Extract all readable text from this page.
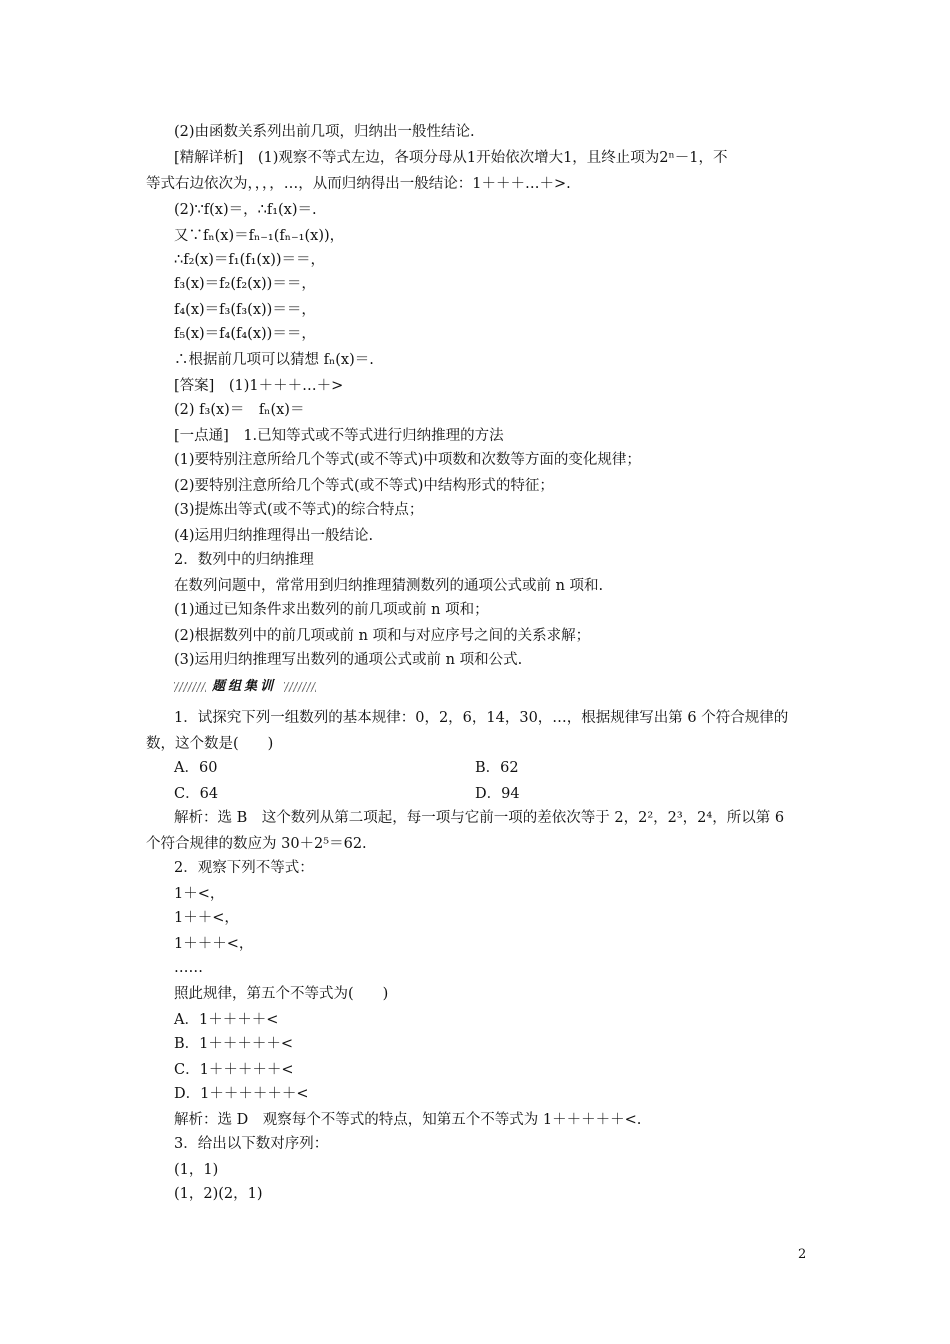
(2)由函数关系列出前几项，归纳出一般性结论.
[精解详析]　(1)观察不等式左边，各项分母从1开始依次增大1，且终止项为2ⁿ－1，不
等式右边依次为，，，，…，从而归纳得出一般结论：1＋＋＋…＋>.
(2)∵f(x)＝，∴f₁(x)＝.
又∵fₙ(x)＝fₙ₋₁(fₙ₋₁(x))，
∴f₂(x)＝f₁(f₁(x))＝＝，
f₃(x)＝f₂(f₂(x))＝＝，
f₄(x)＝f₃(f₃(x))＝＝，
f₅(x)＝f₄(f₄(x))＝＝，
∴根据前几项可以猜想 fₙ(x)＝.
[答案]　(1)1＋＋＋…＋>
(2) f₃(x)＝　fₙ(x)＝
[一点通]　1.已知等式或不等式进行归纳推理的方法
(1)要特别注意所给几个等式(或不等式)中项数和次数等方面的变化规律；
(2)要特别注意所给几个等式(或不等式)中结构形式的特征；
(3)提炼出等式(或不等式)的综合特点；
(4)运用归纳推理得出一般结论.
2．数列中的归纳推理
在数列问题中，常常用到归纳推理猜测数列的通项公式或前 n 项和.
(1)通过已知条件求出数列的前几项或前 n 项和；
(2)根据数列中的前几项或前 n 项和与对应序号之间的关系求解；
(3)运用归纳推理写出数列的通项公式或前 n 项和公式.
题组集训
1．试探究下列一组数列的基本规律：0，2，6，14，30，…，根据规律写出第 6 个符合规律的
数，这个数是(　　)
A．60	B．62
C．64	D．94
解析：选 B　这个数列从第二项起，每一项与它前一项的差依次等于 2，2²，2³，2⁴，所以第 6
个符合规律的数应为 30＋2⁵＝62.
2．观察下列不等式：
1＋<，
1＋＋<，
1＋＋＋<，
……
照此规律，第五个不等式为(　　)
A．1＋＋＋＋<
B．1＋＋＋＋＋<
C．1＋＋＋＋＋<
D．1＋＋＋＋＋＋<
解析：选 D　观察每个不等式的特点，知第五个不等式为 1＋＋＋＋＋<.
3．给出以下数对序列：
(1，1)
(1，2)(2，1)
2
